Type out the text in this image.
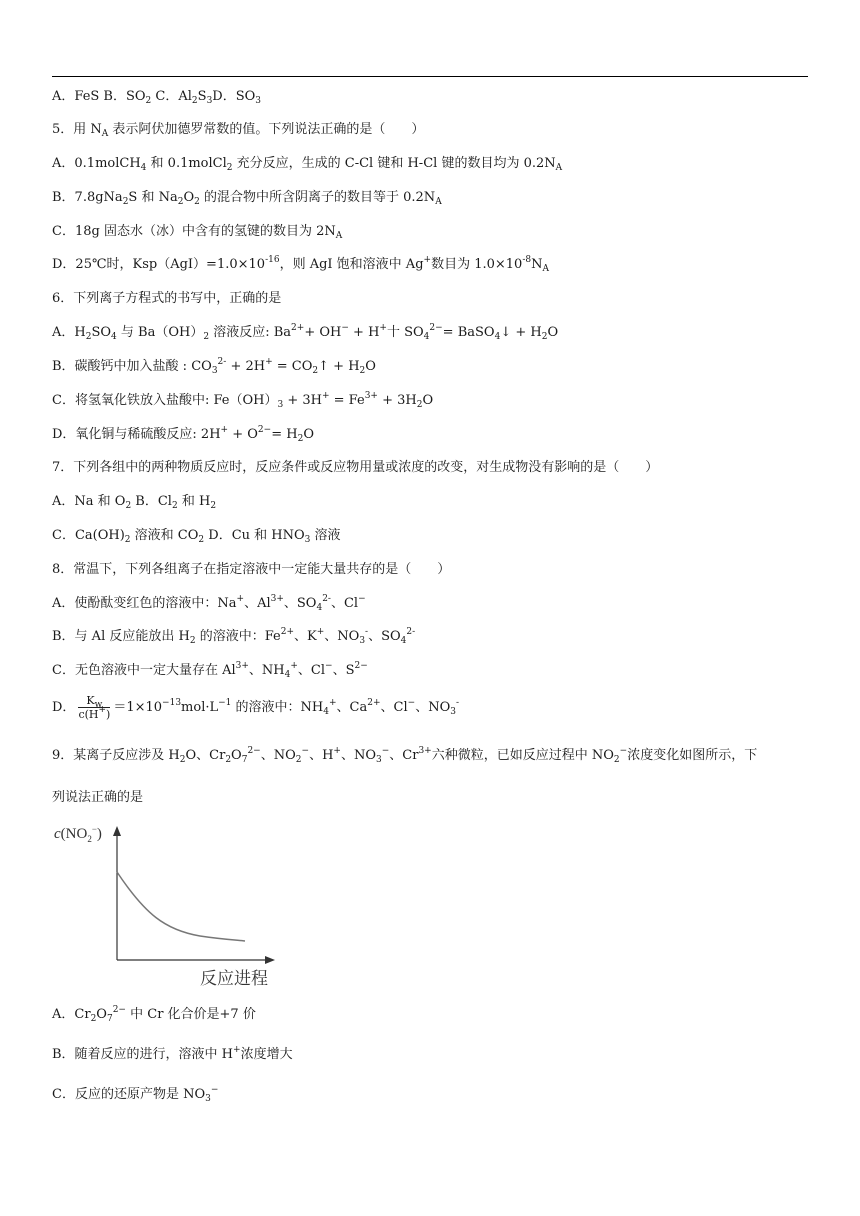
A．FeS B．$SO_2$ C．$Al_2S_3D$．$SO_3$
5．用 $N_A$ 表示阿伏加德罗常数的值。下列说法正确的是（　　）
A．0.1molCH$_4$ 和 0.1molCl$_2$ 充分反应，生成的 C-Cl 键和 H-Cl 键的数目均为 $0.2N_A$
B．7.8gNa$_2$S 和 $Na_2O_2$ 的混合物中所含阴离子的数目等于 $0.2N_A$
C．18g 固态水（冰）中含有的氢键的数目为 $2N_A$
D．25℃时，$Ksp(AgI)=1.0\times 10^{-16}$，则 AgI 饱和溶液中 Ag+数目为 $1.0\times 10^{-8}N_A$
6．下列离子方程式的书写中，正确的是
A．$H_2SO_4$ 与 $Ba(OH)_2$ 溶液反应: $Ba^{2+}+ OH^- + H^+$十 $SO_4^{2-}=$ BaSO$_4$↓ + $H_2O$
B．碳酸钙中加入盐酸 : $CO_3^{2-} + 2H^+$ = $CO_2↑ + H_2O$
C．将氢氧化铁放入盐酸中: $Fe(OH)_3 + 3H^+ = Fe^{3+} + 3H_2O$
D．氧化铜与稀硫酸反应: $2H^+ + O^{2-}= H_2O$
7．下列各组中的两种物质反应时，反应条件或反应物用量或浓度的改变，对生成物没有影响的是（　　）
A．Na 和 $O_2$ B．$Cl_2$ 和 $H_2$
C．$Ca(OH)_2$ 溶液和 $CO_2$ D．Cu 和 $HNO_3$ 溶液
8．常温下，下列各组离子在指定溶液中一定能大量共存的是（　　）
A．使酚酞变红色的溶液中：Na+、$Al^{3+}$、$SO_4^{2-}$、Cl−
B．与 Al 反应能放出 $H_2$ 的溶液中：$Fe^{2+}$、K+、$NO_3^-$、$SO_4^{2-}$
C．无色溶液中一定大量存在 $Al^{3+}$、$NH_4^+$、Cl−、$S^{2-}$
D． $\frac{K_w}{c(H^+)} =1\times 10^{-13}mol\cdot L^{-1}$ 的溶液中：$NH_4^+$、$Ca^{2+}$、Cl−、$NO_3^-$
9．某离子反应涉及 $H_2O$、$Cr_2O_7^{2-}$、$NO_2^-$、H+、$NO_3^-$、$Cr^{3+}$六种微粒，已如反应过程中 $NO_2^-$浓度变化如图所示，下
列说法正确的是
$c(NO_2^-)$
反应进程
A．$Cr_2O_7^{2-}$ 中 Cr 化合价是+7 价
B．随着反应的进行，溶液中 H+浓度增大
C．反应的还原产物是 $NO_3^-$
